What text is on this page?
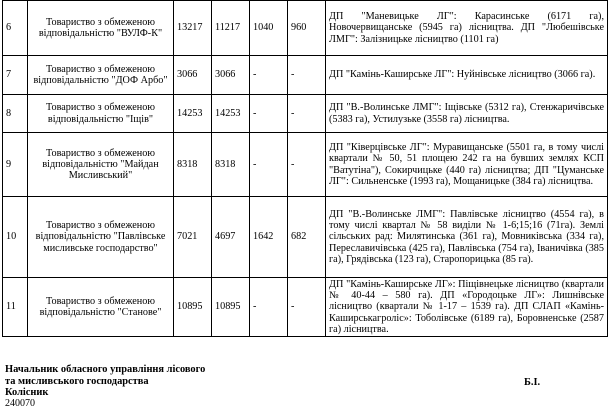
6	Товариство з обмеженою відповідальністю "ВУЛФ-К"	13217	11217	1040	960	ДП "Маневицьке ЛГ": Карасинське (6171 га), Новочервищанське (5945 га) лісництва. ДП "Любешівське ЛМГ": Залізницьке лісництво (1101 га)
7	Товариство з обмеженою відповідальністю "ДОФ Арбо"	3066	3066	-	-	ДП "Камінь-Каширське ЛГ": Нуйнівське лісництво (3066 га).
8	Товариство з обмеженою відповідальністю "Іщів"	14253	14253	-	-	ДП "В.-Волинське ЛМГ": Іщівське (5312 га), Стенжаричівське (5383 га), Устилузьке (3558 га) лісництва.
9	Товариство з обмеженою відповідальністю "Майдан Мисливський"	8318	8318	-	-	ДП "Ківерцівське ЛГ": Муравищанське (5501 га, в тому числі квартали № 50, 51 площею 242 га на бувших землях КСП "Ватутіна"), Сокирчицьке (440 га) лісництва; ДП "Цуманське ЛГ": Сильненське (1993 га), Мощаницьке (384 га) лісництва.
10	Товариство з обмеженою відповідальністю "Павлівське мисливське господарство"	7021	4697	1642	682	ДП "В.-Волинське ЛМГ": Павлівське лісництво (4554 га), в тому числі квартал № 58 виділи № 1-6;15;16 (71га). Землі сільських рад: Милятинська (361 га), Мовниківська (334 га), Переславичівська (425 га), Павлівська (754 га), Іваничівка (385 га), Грядівська (123 га), Старопорицька (85 га).
11	Товариство з обмеженою відповідальністю "Станове"	10895	10895	-	-	ДП "Камінь-Каширське ЛГ»: Піщівнецьке лісництво (квартали № 40-44 – 580 га). ДП «Городоцьке ЛГ»: Лишнівське лісництво (квартали № 1-17 – 1539 га). ДП СЛАП «Камінь-Каширськагроліс»: Тоболівське (6189 га), Боровненське (2587 га) лісництва.
Начальник обласного управління лісового
та мисливського господарства
Колісник
Б.І.
240070
